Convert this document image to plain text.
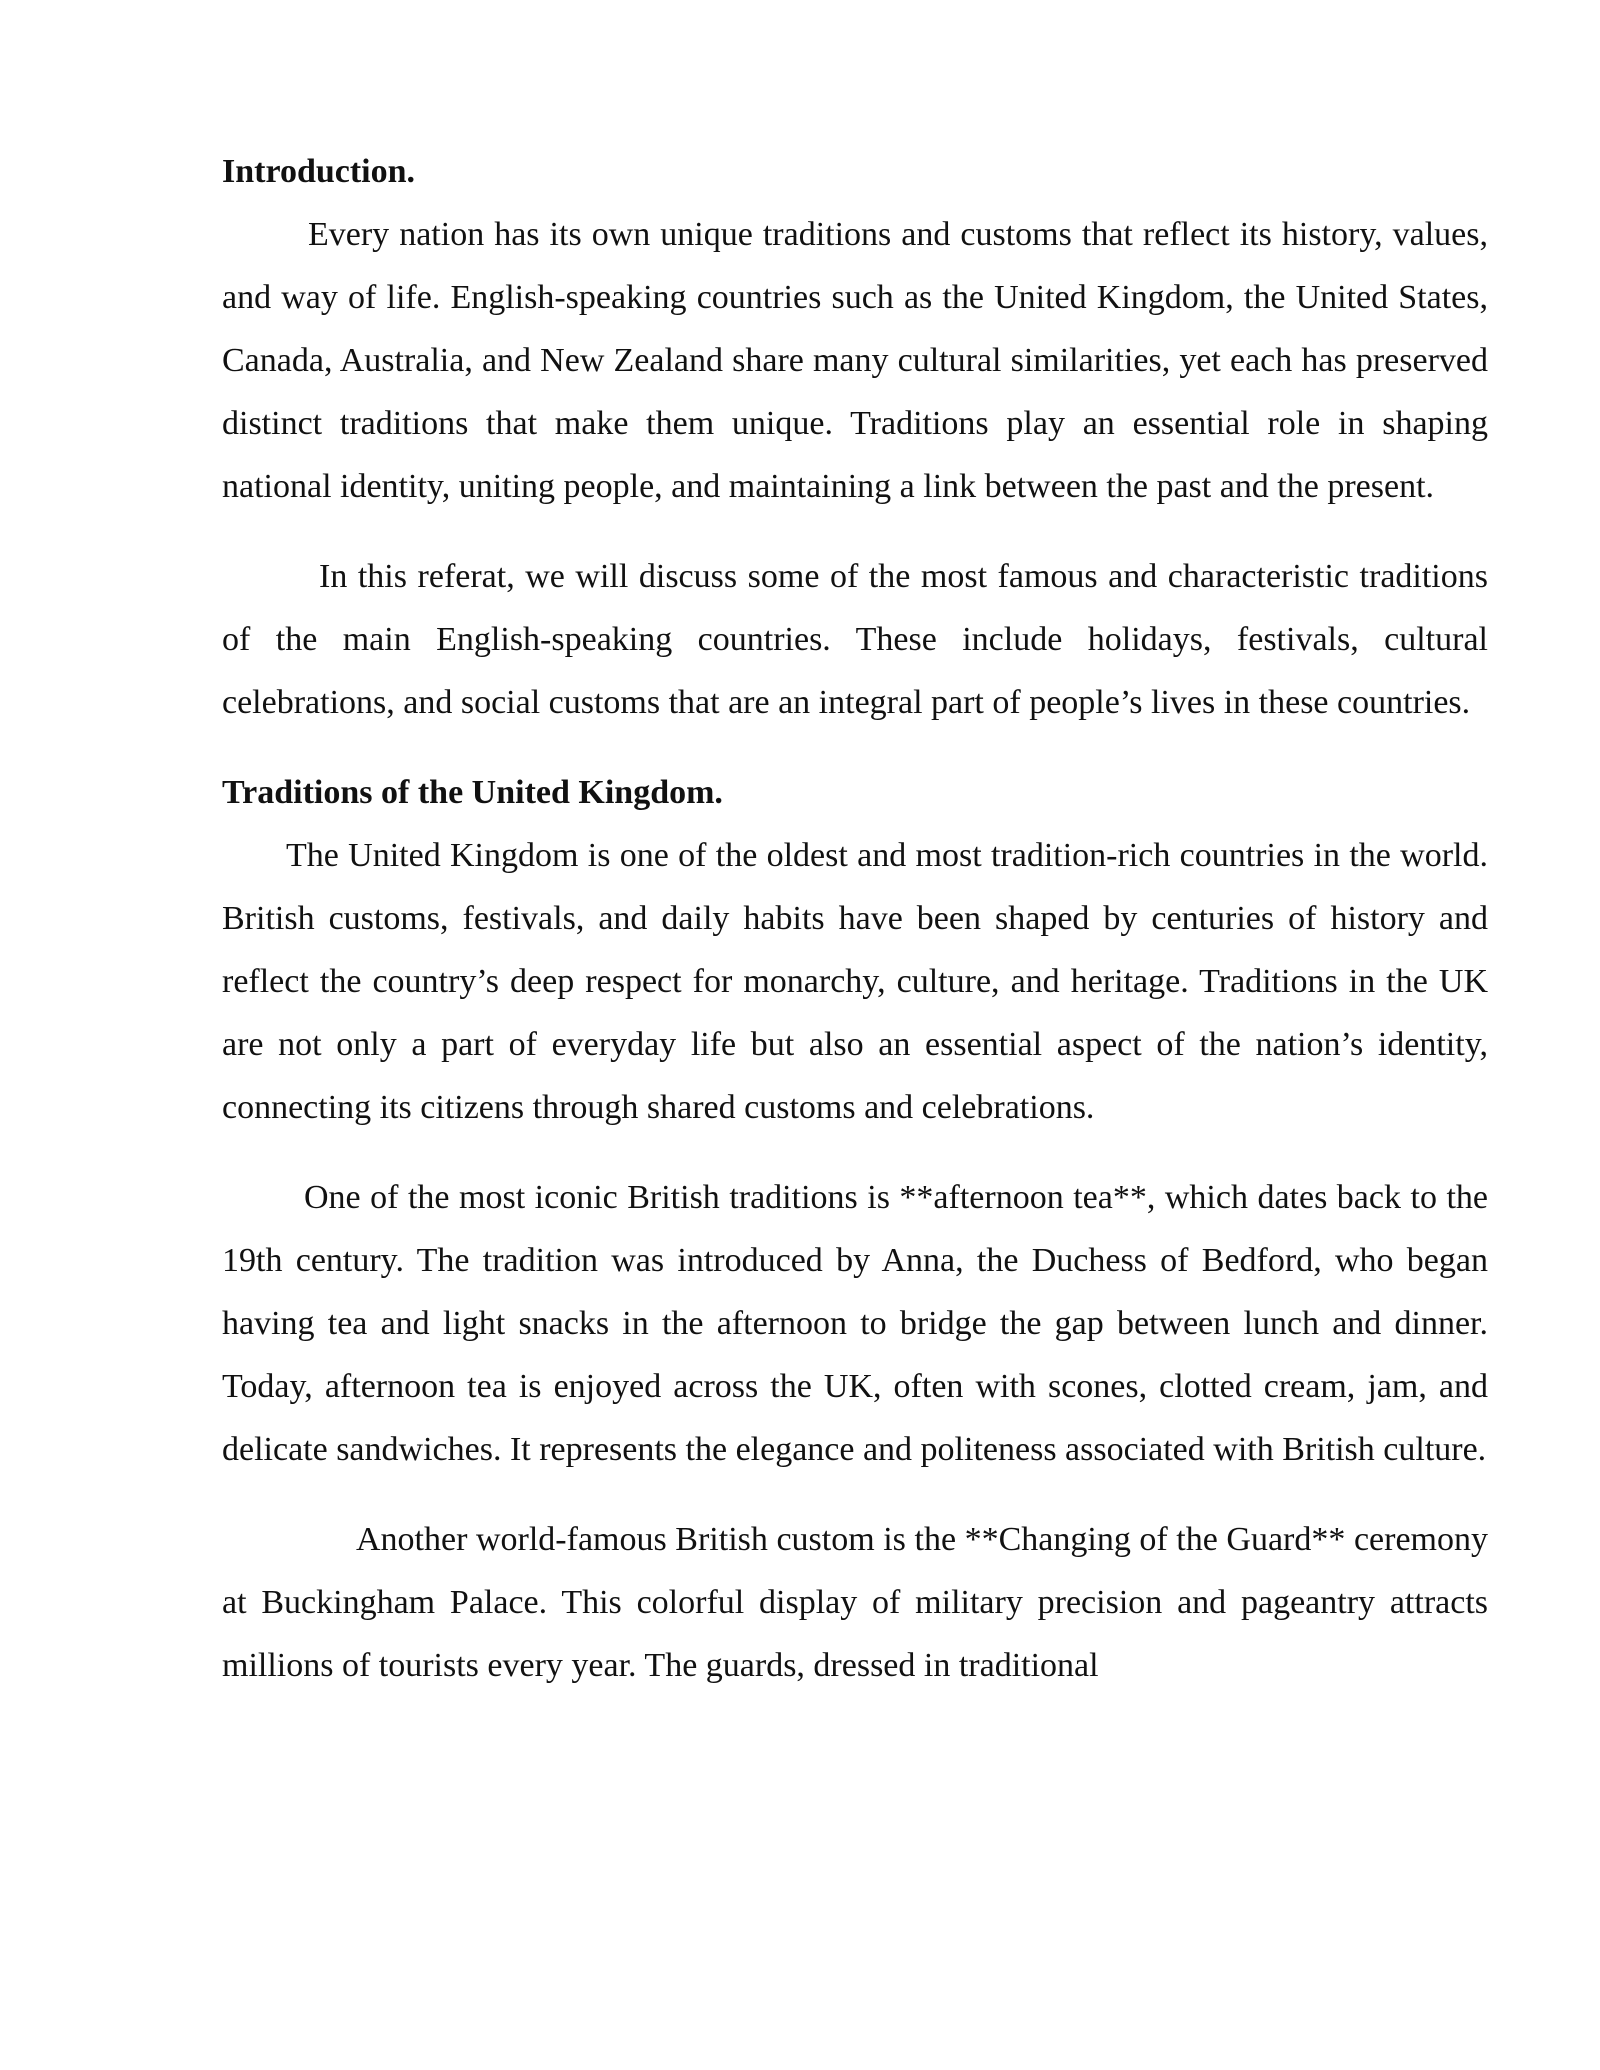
Introduction.

Every nation has its own unique traditions and customs that reflect its history, values, and way of life. English-speaking countries such as the United Kingdom, the United States, Canada, Australia, and New Zealand share many cultural similarities, yet each has preserved distinct traditions that make them unique. Traditions play an essential role in shaping national identity, uniting people, and maintaining a link between the past and the present.

In this referat, we will discuss some of the most famous and characteristic traditions of the main English-speaking countries. These include holidays, festivals, cultural celebrations, and social customs that are an integral part of people’s lives in these countries.

Traditions of the United Kingdom.

The United Kingdom is one of the oldest and most tradition-rich countries in the world. British customs, festivals, and daily habits have been shaped by centuries of history and reflect the country’s deep respect for monarchy, culture, and heritage. Traditions in the UK are not only a part of everyday life but also an essential aspect of the nation’s identity, connecting its citizens through shared customs and celebrations.

One of the most iconic British traditions is **afternoon tea**, which dates back to the 19th century. The tradition was introduced by Anna, the Duchess of Bedford, who began having tea and light snacks in the afternoon to bridge the gap between lunch and dinner. Today, afternoon tea is enjoyed across the UK, often with scones, clotted cream, jam, and delicate sandwiches. It represents the elegance and politeness associated with British culture.

Another world-famous British custom is the **Changing of the Guard** ceremony at Buckingham Palace. This colorful display of military precision and pageantry attracts millions of tourists every year. The guards, dressed in traditional
